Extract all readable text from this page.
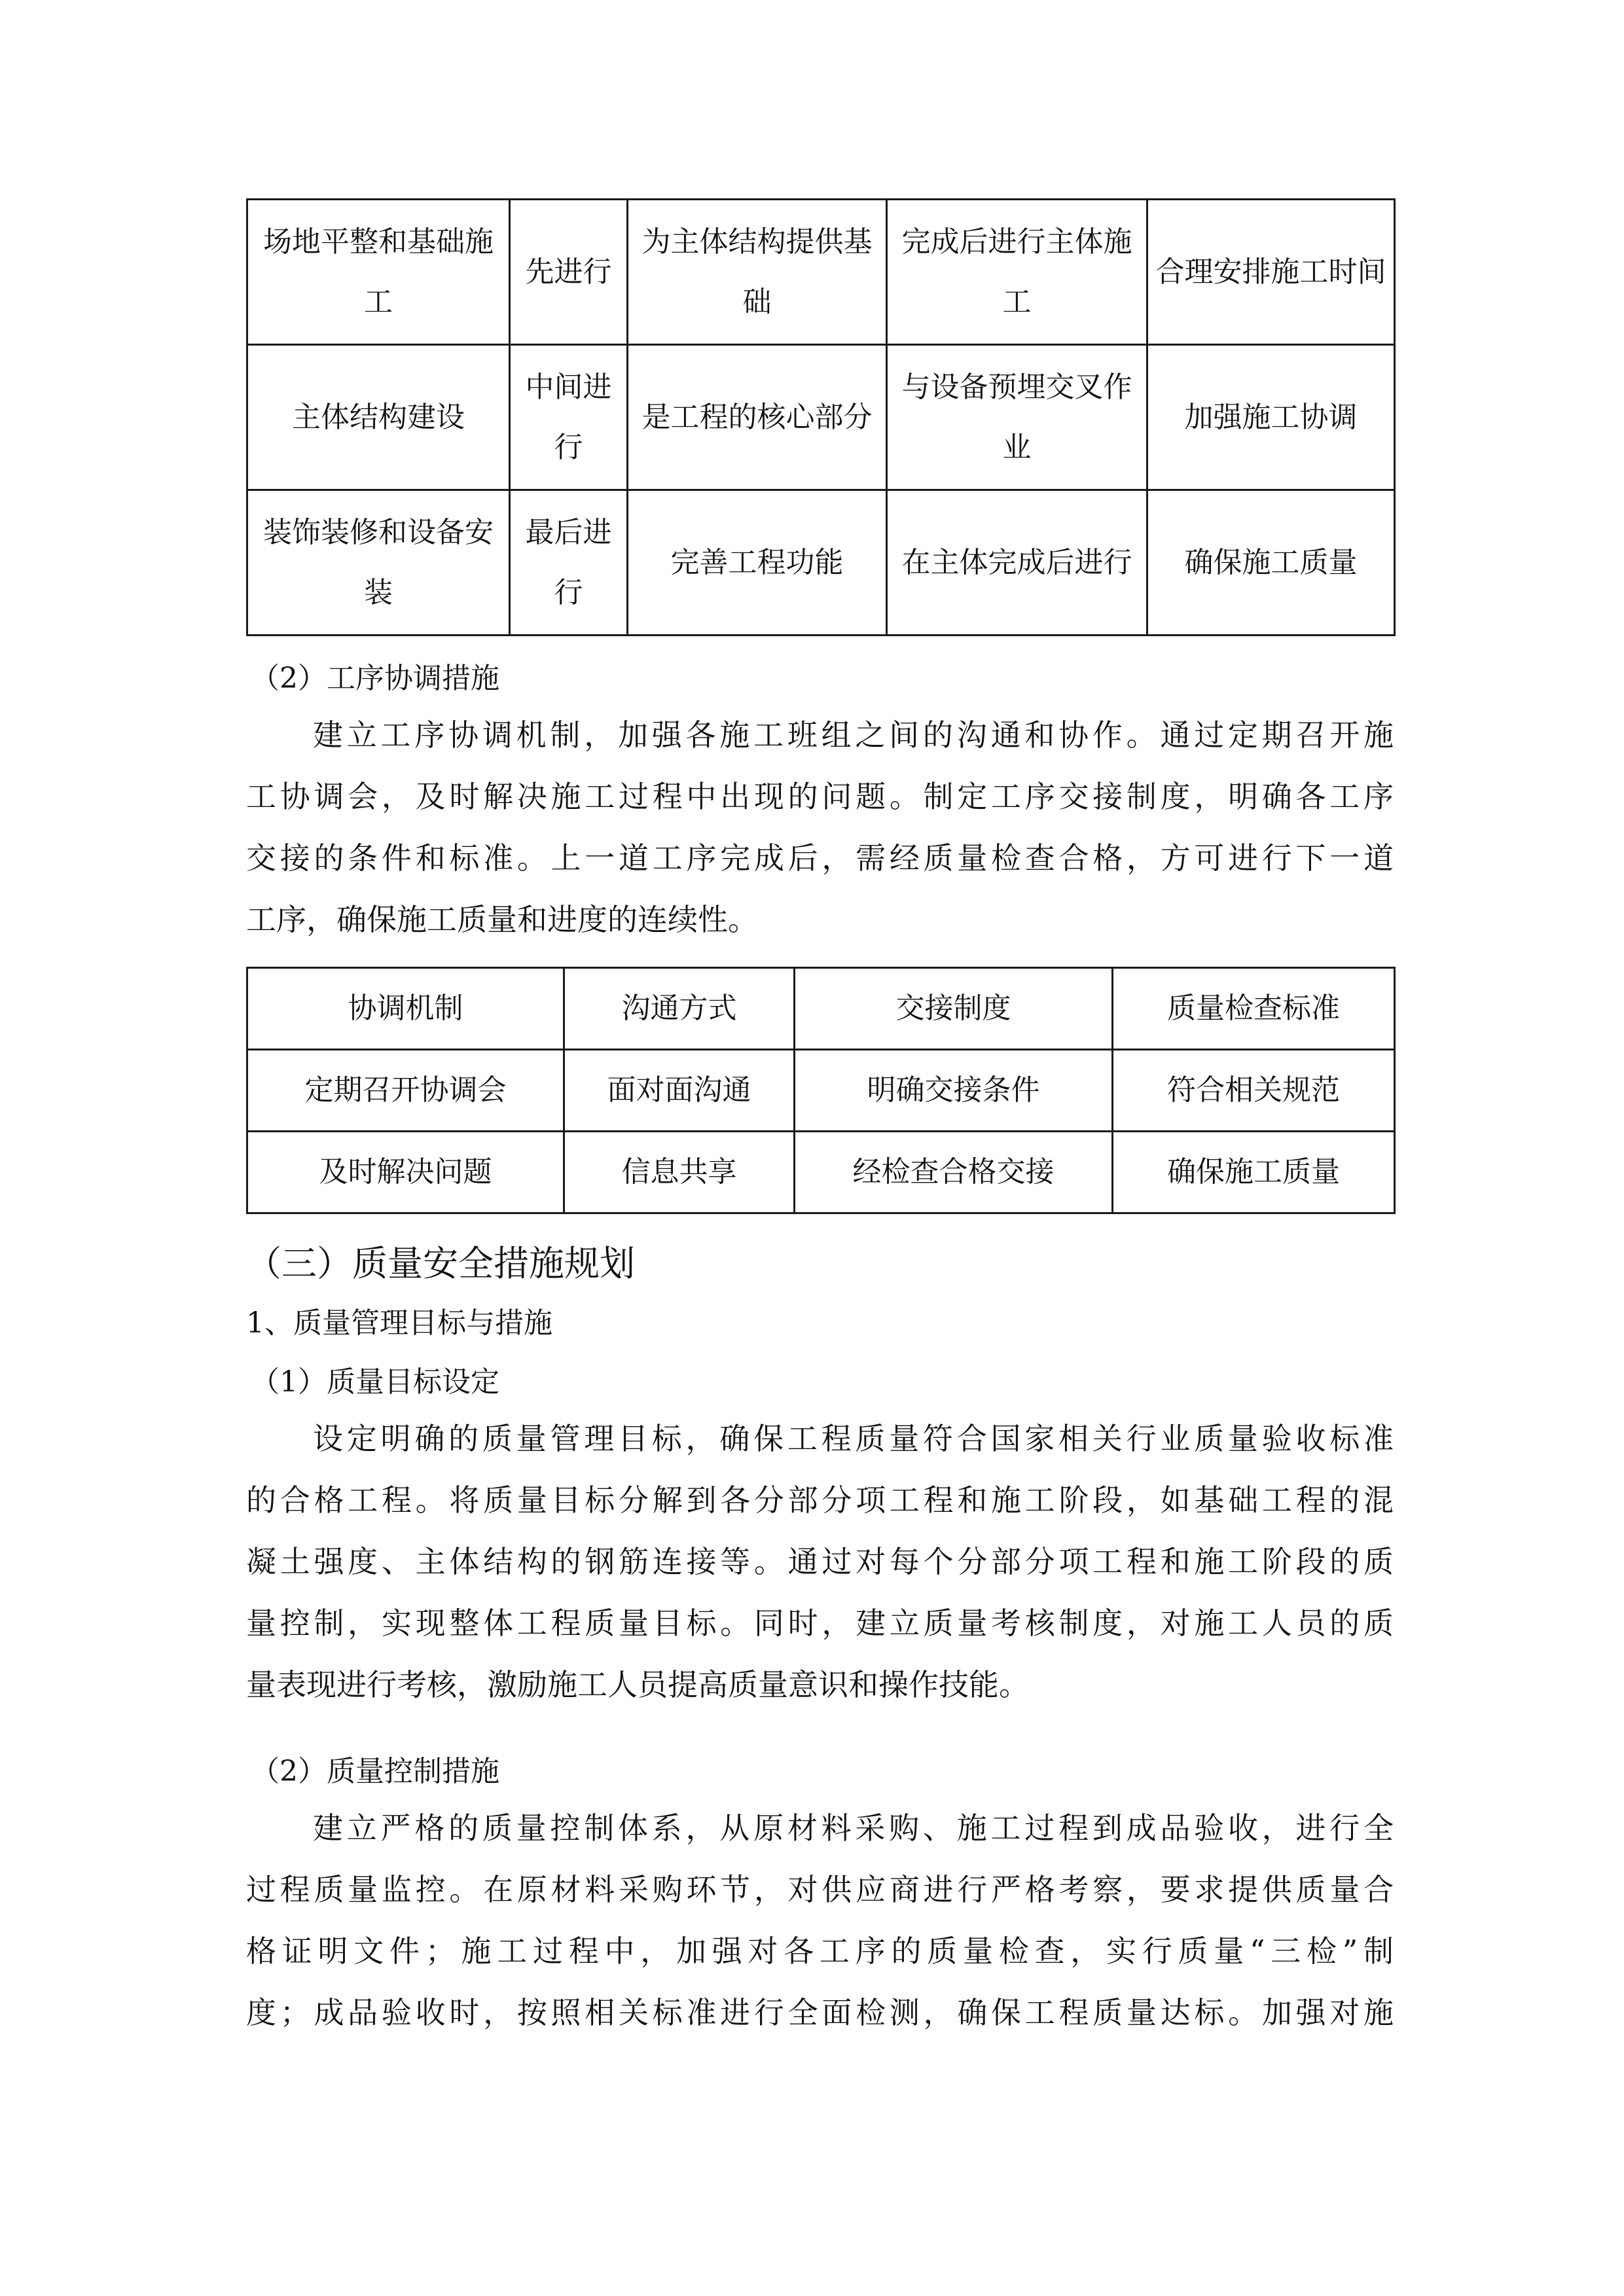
场地平整和基础施工	先进行	为主体结构提供基础	完成后进行主体施工	合理安排施工时间
主体结构建设	中间进行	是工程的核心部分	与设备预埋交叉作业	加强施工协调
装饰装修和设备安装	最后进行	完善工程功能	在主体完成后进行	确保施工质量
（2）工序协调措施
建立工序协调机制，加强各施工班组之间的沟通和协作。通过定期召开施
工协调会，及时解决施工过程中出现的问题。制定工序交接制度，明确各工序
交接的条件和标准。上一道工序完成后，需经质量检查合格，方可进行下一道
工序，确保施工质量和进度的连续性。
协调机制	沟通方式	交接制度	质量检查标准
定期召开协调会	面对面沟通	明确交接条件	符合相关规范
及时解决问题	信息共享	经检查合格交接	确保施工质量
（三）质量安全措施规划
1、质量管理目标与措施
（1）质量目标设定
设定明确的质量管理目标，确保工程质量符合国家相关行业质量验收标准
的合格工程。将质量目标分解到各分部分项工程和施工阶段，如基础工程的混
凝土强度、主体结构的钢筋连接等。通过对每个分部分项工程和施工阶段的质
量控制，实现整体工程质量目标。同时，建立质量考核制度，对施工人员的质
量表现进行考核，激励施工人员提高质量意识和操作技能。
（2）质量控制措施
建立严格的质量控制体系，从原材料采购、施工过程到成品验收，进行全
过程质量监控。在原材料采购环节，对供应商进行严格考察，要求提供质量合
格证明文件；施工过程中，加强对各工序的质量检查，实行质量“三检”制
度；成品验收时，按照相关标准进行全面检测，确保工程质量达标。加强对施
